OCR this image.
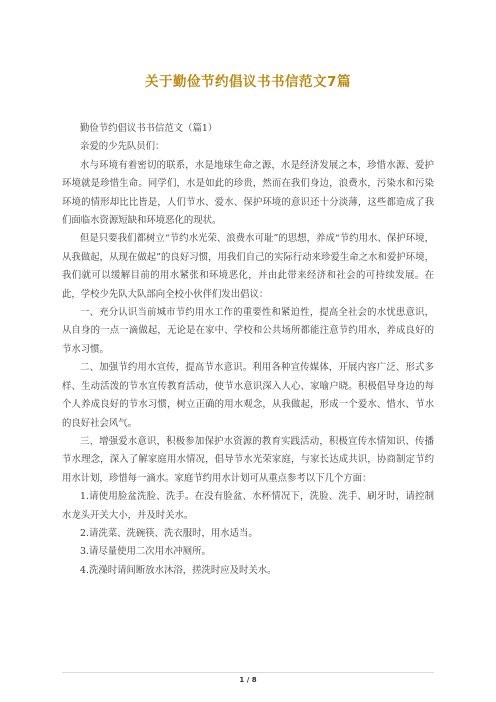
关于勤俭节约倡议书书信范文7篇

勤俭节约倡议书书信范文（篇1）

亲爱的少先队员们：

水与环境有着密切的联系，水是地球生命之源，水是经济发展之本，珍惜水源、爱护环境就是珍惜生命。同学们，水是如此的珍贵，然而在我们身边，浪费水，污染水和污染环境的情形却比比皆是，人们节水、爱水、保护环境的意识还十分淡薄，这些都造成了我们面临水资源短缺和环境恶化的现状。

但是只要我们都树立“节约水光荣、浪费水可耻”的思想，养成“节约用水、保护环境，从我做起，从现在做起”的良好习惯，用我们自己的实际行动来珍爱生命之水和爱护环境，我们就可以缓解目前的用水紧张和环境恶化，并由此带来经济和社会的可持续发展。在此，学校少先队大队部向全校小伙伴们发出倡议：

一、充分认识当前城市节约用水工作的重要性和紧迫性，提高全社会的水忧患意识，从自身的一点一滴做起，无论是在家中、学校和公共场所都能注意节约用水，养成良好的节水习惯。

二、加强节约用水宣传，提高节水意识。利用各种宣传媒体，开展内容广泛、形式多样、生动活泼的节水宣传教育活动，使节水意识深入人心、家喻户晓。积极倡导身边的每个人养成良好的节水习惯，树立正确的用水观念，从我做起，形成一个爱水、惜水、节水的良好社会风气。

三、增强爱水意识，积极参加保护水资源的教育实践活动，积极宣传水情知识、传播节水理念，深入了解家庭用水情况，倡导节水光荣家庭，与家长达成共识，协商制定节约用水计划，珍惜每一滴水。家庭节约用水计划可从重点参考以下几个方面：

1.请使用脸盆洗脸、洗手。在没有脸盆、水杯情况下，洗脸、洗手、刷牙时，请控制水龙头开关大小，并及时关水。

2.请洗菜、洗碗筷、洗衣服时，用水适当。

3.请尽量使用二次用水冲厕所。

4.洗澡时请间断放水沐浴，搓洗时应及时关水。

1 / 8
